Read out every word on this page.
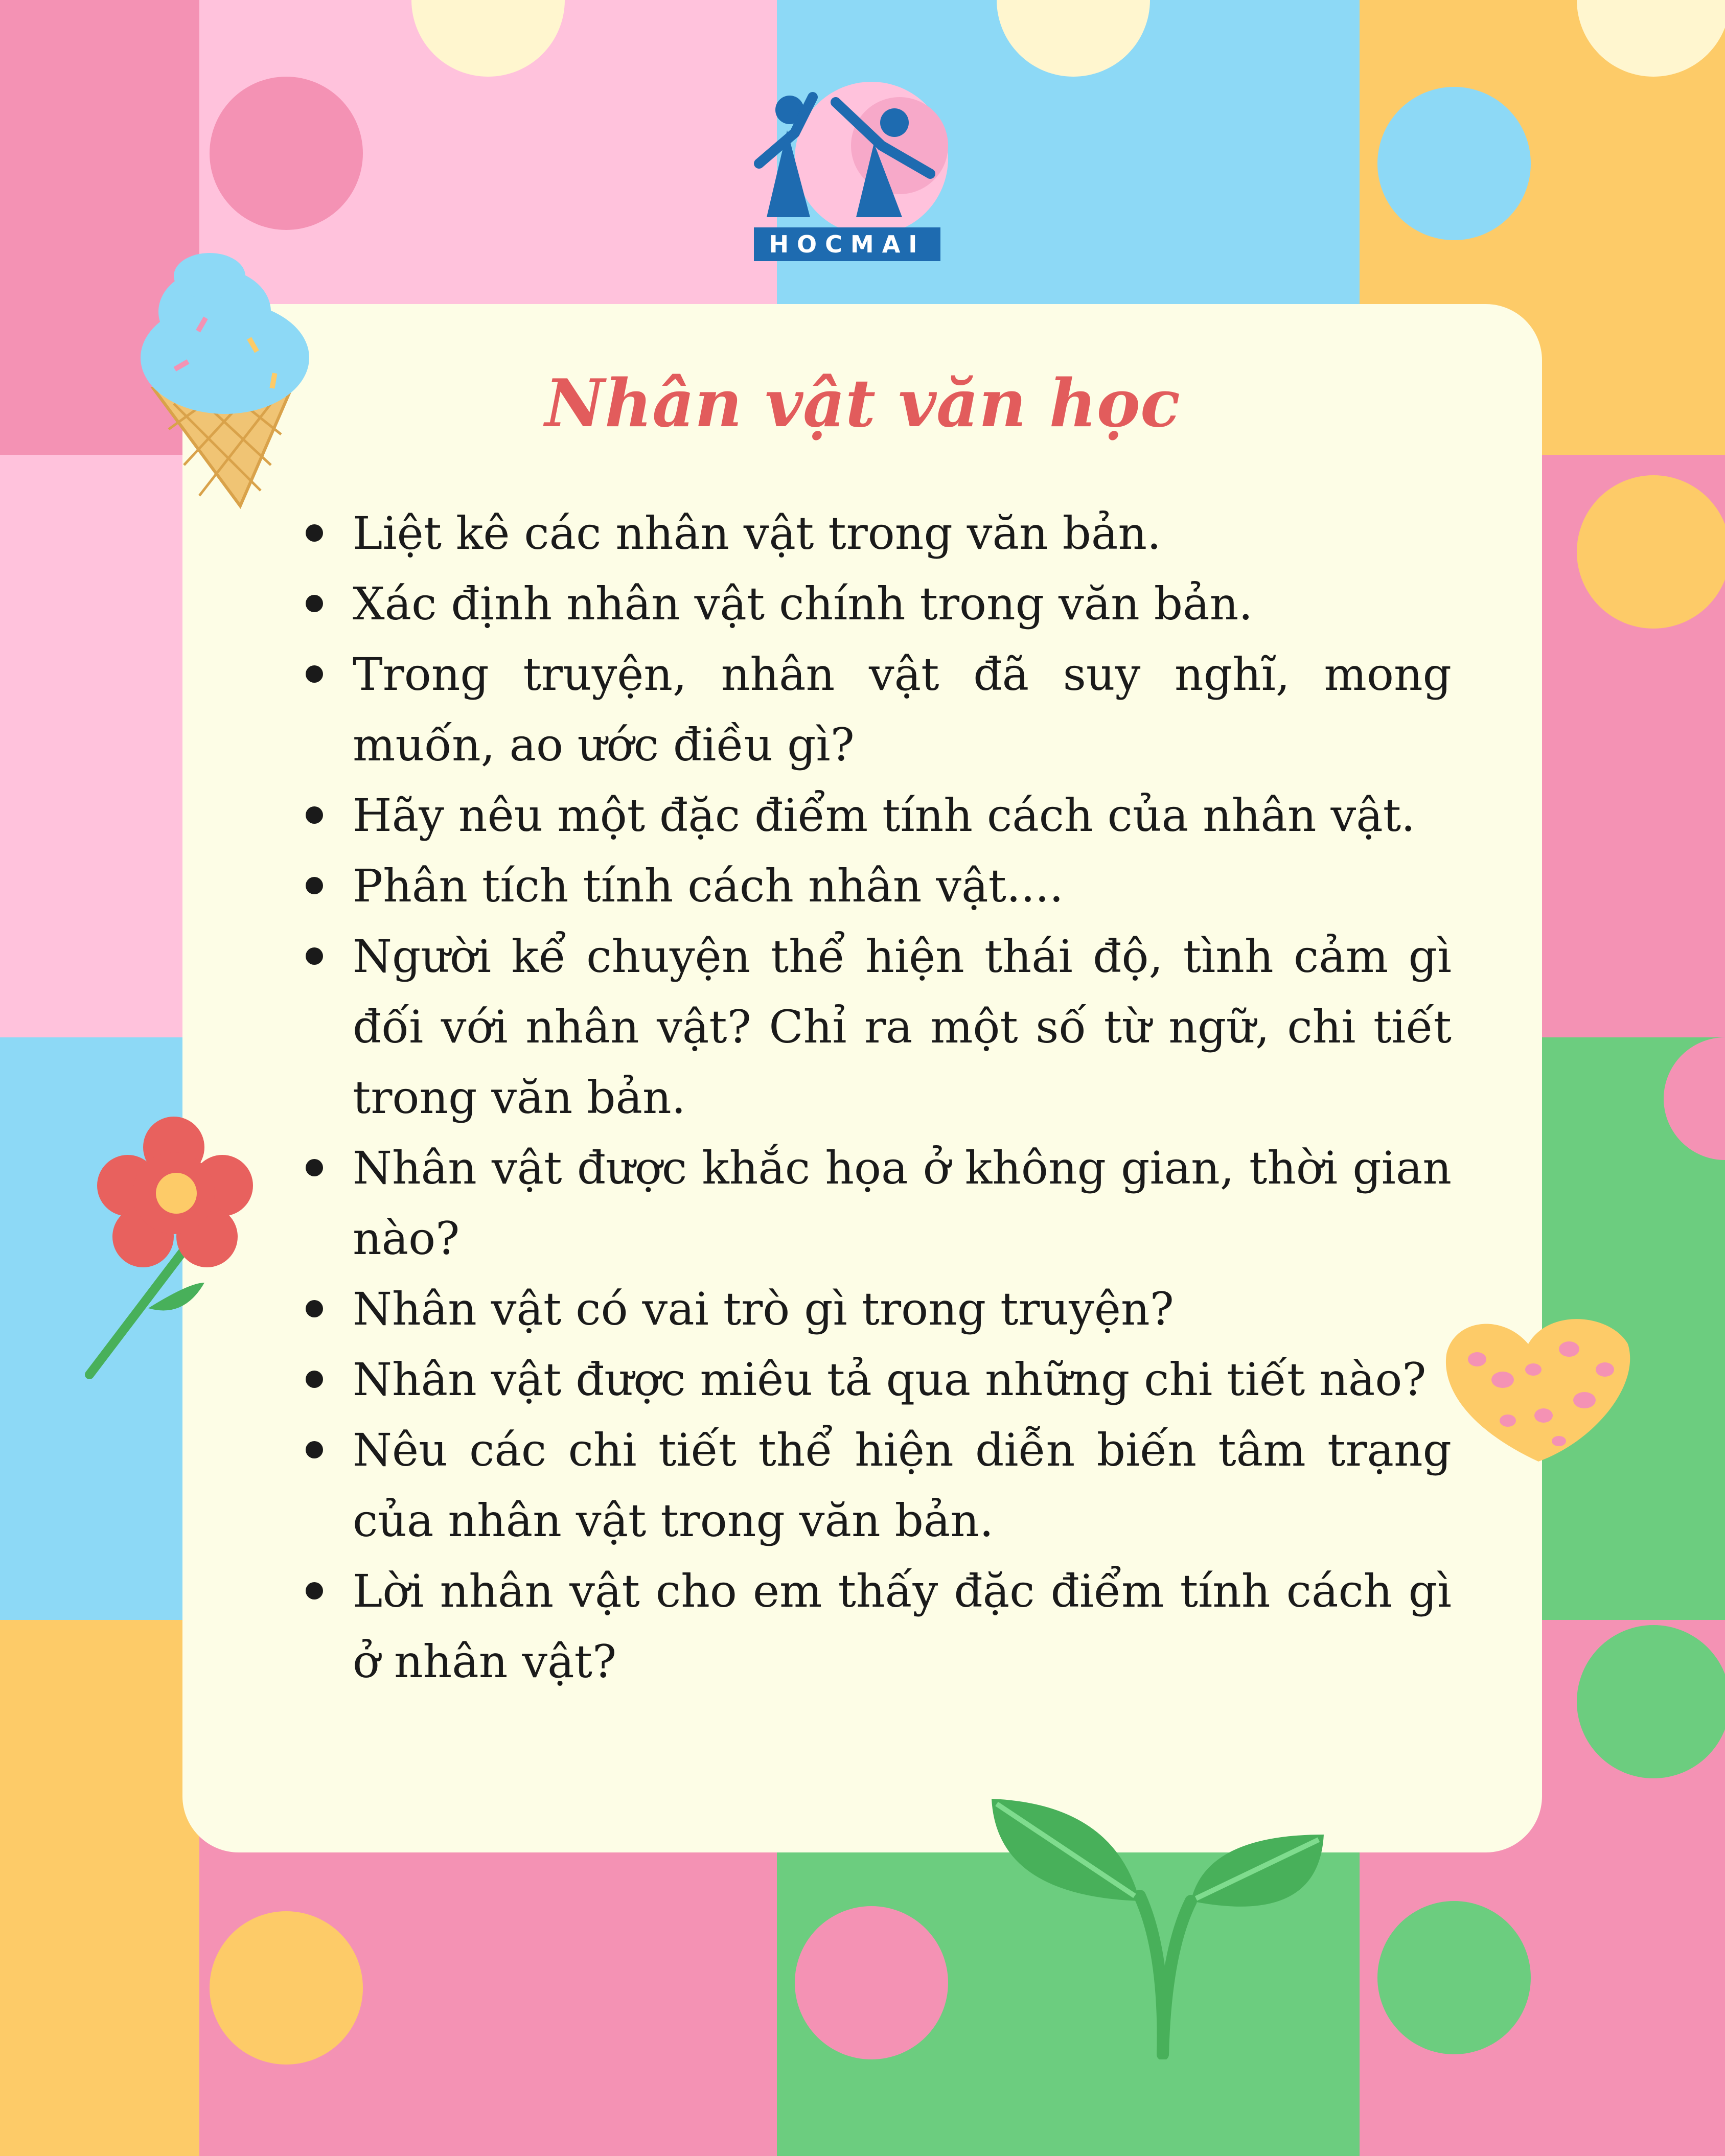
HOCMAI
Nhân vật văn học
Liệt kê các nhân vật trong văn bản.
Xác định nhân vật chính trong văn bản.
Trong truyện, nhân vật đã suy nghĩ, mong muốn, ao ước điều gì?
Hãy nêu một đặc điểm tính cách của nhân vật.
Phân tích tính cách nhân vật....
Người kể chuyện thể hiện thái độ, tình cảm gì đối với nhân vật? Chỉ ra một số từ ngữ, chi tiết trong văn bản.
Nhân vật được khắc họa ở không gian, thời gian nào?
Nhân vật có vai trò gì trong truyện?
Nhân vật được miêu tả qua những chi tiết nào?
Nêu các chi tiết thể hiện diễn biến tâm trạng của nhân vật trong văn bản.
Lời nhân vật cho em thấy đặc điểm tính cách gì ở nhân vật?
